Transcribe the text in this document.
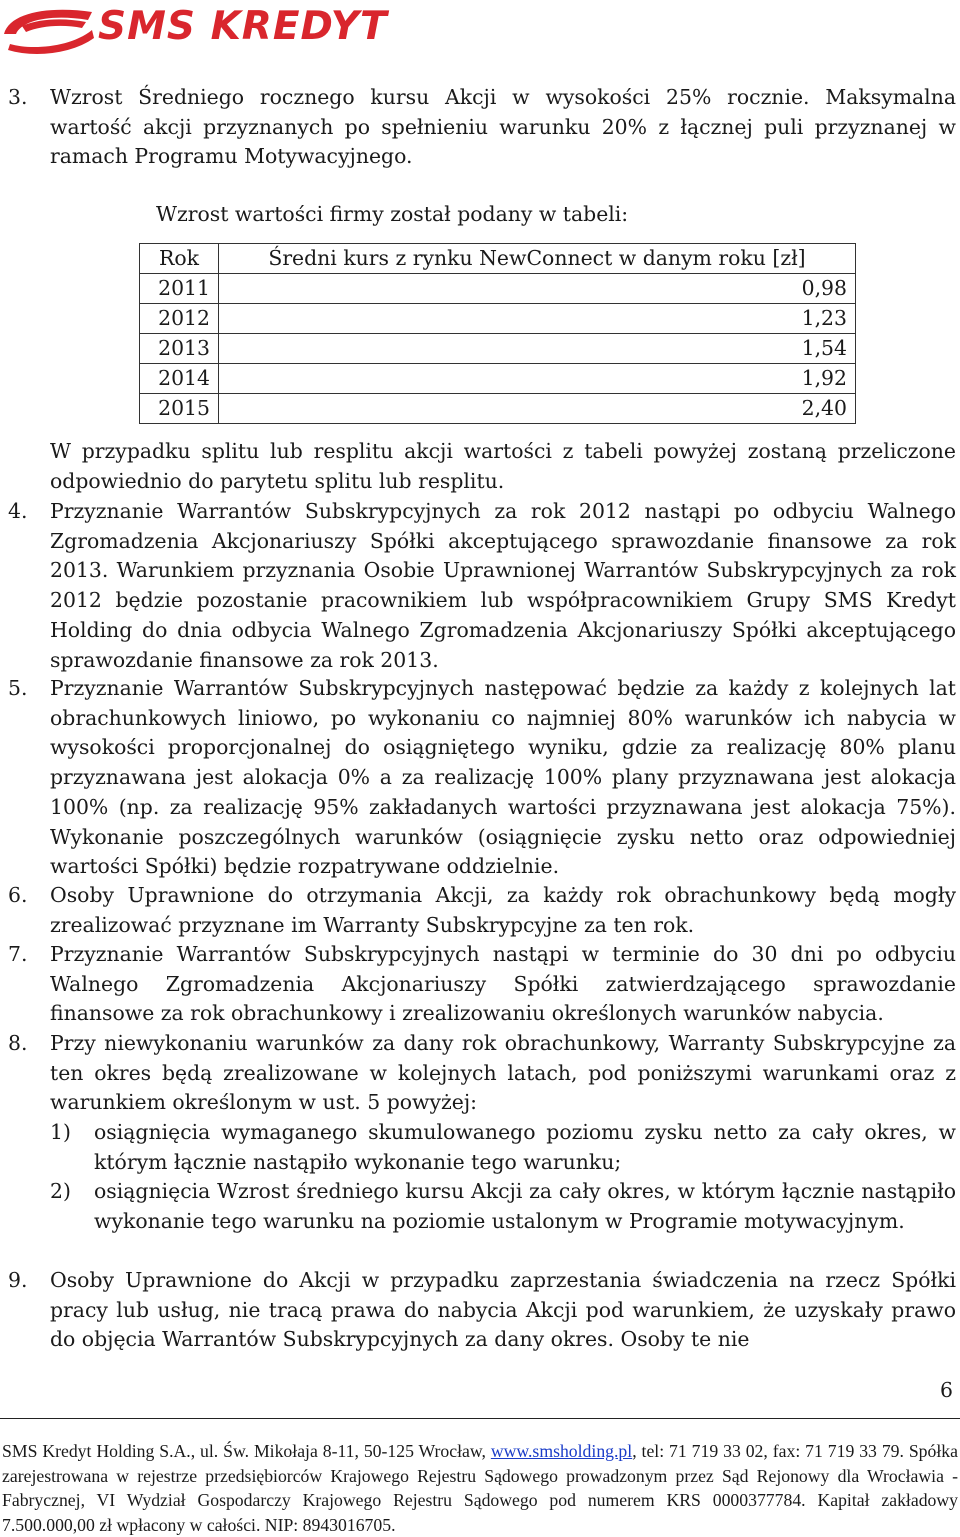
SMS KREDYT
3. Wzrost Średniego rocznego kursu Akcji w wysokości 25% rocznie. Maksymalna wartość akcji przyznanych po spełnieniu warunku 20% z łącznej puli przyznanej w ramach Programu Motywacyjnego.

Wzrost wartości firmy został podany w tabeli:
Rok	Średni kurs z rynku NewConnect w danym roku [zł]
2011	0,98
2012	1,23
2013	1,54
2014	1,92
2015	2,40

W przypadku splitu lub resplitu akcji wartości z tabeli powyżej zostaną przeliczone odpowiednio do parytetu splitu lub resplitu.

4. Przyznanie Warrantów Subskrypcyjnych za rok 2012 nastąpi po odbyciu Walnego Zgromadzenia Akcjonariuszy Spółki akceptującego sprawozdanie finansowe za rok 2013. Warunkiem przyznania Osobie Uprawnionej Warrantów Subskrypcyjnych za rok 2012 będzie pozostanie pracownikiem lub współpracownikiem Grupy SMS Kredyt Holding do dnia odbycia Walnego Zgromadzenia Akcjonariuszy Spółki akceptującego sprawozdanie finansowe za rok 2013.

5. Przyznanie Warrantów Subskrypcyjnych następować będzie za każdy z kolejnych lat obrachunkowych liniowo, po wykonaniu co najmniej 80% warunków ich nabycia w wysokości proporcjonalnej do osiągniętego wyniku, gdzie za realizację 80% planu przyznawana jest alokacja 0% a za realizację 100% plany przyznawana jest alokacja 100% (np. za realizację 95% zakładanych wartości przyznawana jest alokacja 75%). Wykonanie poszczególnych warunków (osiągnięcie zysku netto oraz odpowiedniej wartości Spółki) będzie rozpatrywane oddzielnie.

6. Osoby Uprawnione do otrzymania Akcji, za każdy rok obrachunkowy będą mogły zrealizować przyznane im Warranty Subskrypcyjne za ten rok.

7. Przyznanie Warrantów Subskrypcyjnych nastąpi w terminie do 30 dni po odbyciu Walnego Zgromadzenia Akcjonariuszy Spółki zatwierdzającego sprawozdanie finansowe za rok obrachunkowy i zrealizowaniu określonych warunków nabycia.

8. Przy niewykonaniu warunków za dany rok obrachunkowy, Warranty Subskrypcyjne za ten okres będą zrealizowane w kolejnych latach, pod poniższymi warunkami oraz z warunkiem określonym w ust. 5 powyżej:

1) osiągnięcia wymaganego skumulowanego poziomu zysku netto za cały okres, w którym łącznie nastąpiło wykonanie tego warunku;

2) osiągnięcia Wzrost średniego kursu Akcji za cały okres, w którym łącznie nastąpiło wykonanie tego warunku na poziomie ustalonym w Programie motywacyjnym.

9. Osoby Uprawnione do Akcji w przypadku zaprzestania świadczenia na rzecz Spółki pracy lub usług, nie tracą prawa do nabycia Akcji pod warunkiem, że uzyskały prawo do objęcia Warrantów Subskrypcyjnych za dany okres. Osoby te nie

6

SMS Kredyt Holding S.A., ul. Św. Mikołaja 8-11, 50-125 Wrocław, www.smsholding.pl, tel: 71 719 33 02, fax: 71 719 33 79. Spółka zarejestrowana w rejestrze przedsiębiorców Krajowego Rejestru Sądowego prowadzonym przez Sąd Rejonowy dla Wrocławia - Fabrycznej, VI Wydział Gospodarczy Krajowego Rejestru Sądowego pod numerem KRS 0000377784. Kapitał zakładowy 7.500.000,00 zł wpłacony w całości. NIP: 8943016705.
